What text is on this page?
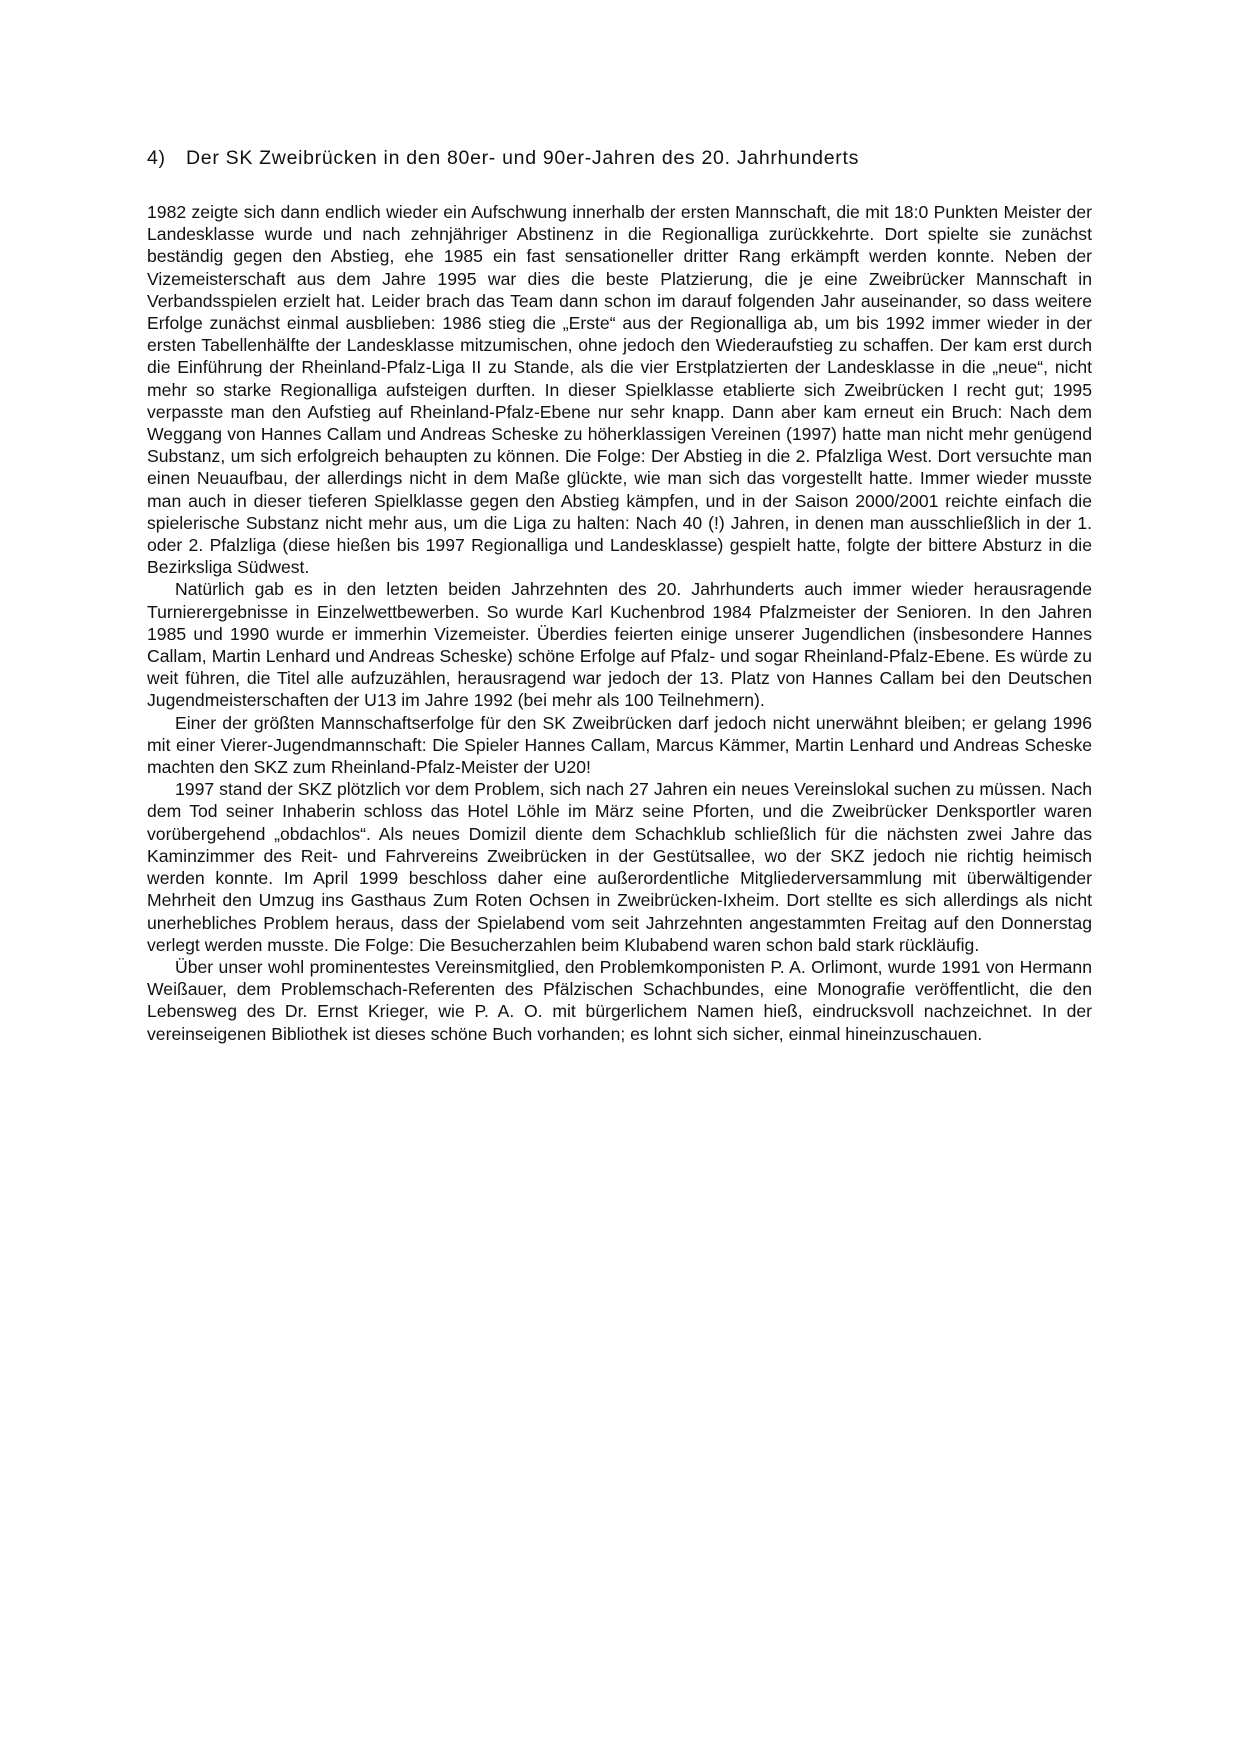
4)	Der SK Zweibrücken in den 80er- und 90er-Jahren des 20. Jahrhunderts

1982 zeigte sich dann endlich wieder ein Aufschwung innerhalb der ersten Mannschaft, die mit 18:0 Punkten Meister der Landesklasse wurde und nach zehnjähriger Abstinenz in die Regionalliga zurückkehrte. Dort spielte sie zunächst beständig gegen den Abstieg, ehe 1985 ein fast sensationeller dritter Rang erkämpft werden konnte. Neben der Vizemeisterschaft aus dem Jahre 1995 war dies die beste Platzierung, die je eine Zweibrücker Mannschaft in Verbandsspielen erzielt hat. Leider brach das Team dann schon im darauf folgenden Jahr auseinander, so dass weitere Erfolge zunächst einmal ausblieben: 1986 stieg die „Erste“ aus der Regionalliga ab, um bis 1992 immer wieder in der ersten Tabellenhälfte der Landesklasse mitzumischen, ohne jedoch den Wiederaufstieg zu schaffen. Der kam erst durch die Einführung der Rheinland-Pfalz-Liga II zu Stande, als die vier Erstplatzierten der Landesklasse in die „neue“, nicht mehr so starke Regionalliga aufsteigen durften. In dieser Spielklasse etablierte sich Zweibrücken I recht gut; 1995 verpasste man den Aufstieg auf Rheinland-Pfalz-Ebene nur sehr knapp. Dann aber kam erneut ein Bruch: Nach dem Weggang von Hannes Callam und Andreas Scheske zu höherklassigen Vereinen (1997) hatte man nicht mehr genügend Substanz, um sich erfolgreich behaupten zu können. Die Folge: Der Abstieg in die 2. Pfalzliga West. Dort versuchte man einen Neuaufbau, der allerdings nicht in dem Maße glückte, wie man sich das vorgestellt hatte. Immer wieder musste man auch in dieser tieferen Spielklasse gegen den Abstieg kämpfen, und in der Saison 2000/2001 reichte einfach die spielerische Substanz nicht mehr aus, um die Liga zu halten: Nach 40 (!) Jahren, in denen man ausschließlich in der 1. oder 2. Pfalzliga (diese hießen bis 1997 Regionalliga und Landesklasse) gespielt hatte, folgte der bittere Absturz in die Bezirksliga Südwest.

Natürlich gab es in den letzten beiden Jahrzehnten des 20. Jahrhunderts auch immer wieder herausragende Turnierergebnisse in Einzelwettbewerben. So wurde Karl Kuchenbrod 1984 Pfalzmeister der Senioren. In den Jahren 1985 und 1990 wurde er immerhin Vizemeister. Überdies feierten einige unserer Jugendlichen (insbesondere Hannes Callam, Martin Lenhard und Andreas Scheske) schöne Erfolge auf Pfalz- und sogar Rheinland-Pfalz-Ebene. Es würde zu weit führen, die Titel alle aufzuzählen, herausragend war jedoch der 13. Platz von Hannes Callam bei den Deutschen Jugendmeisterschaften der U13 im Jahre 1992 (bei mehr als 100 Teilnehmern).

Einer der größten Mannschaftserfolge für den SK Zweibrücken darf jedoch nicht unerwähnt bleiben; er gelang 1996 mit einer Vierer-Jugendmannschaft: Die Spieler Hannes Callam, Marcus Kämmer, Martin Lenhard und Andreas Scheske machten den SKZ zum Rheinland-Pfalz-Meister der U20!

1997 stand der SKZ plötzlich vor dem Problem, sich nach 27 Jahren ein neues Vereinslokal suchen zu müssen. Nach dem Tod seiner Inhaberin schloss das Hotel Löhle im März seine Pforten, und die Zweibrücker Denksportler waren vorübergehend „obdachlos“. Als neues Domizil diente dem Schachklub schließlich für die nächsten zwei Jahre das Kaminzimmer des Reit- und Fahrvereins Zweibrücken in der Gestütsallee, wo der SKZ jedoch nie richtig heimisch werden konnte. Im April 1999 beschloss daher eine außerordentliche Mitgliederversammlung mit überwältigender Mehrheit den Umzug ins Gasthaus Zum Roten Ochsen in Zweibrücken-Ixheim. Dort stellte es sich allerdings als nicht unerhebliches Problem heraus, dass der Spielabend vom seit Jahrzehnten angestammten Freitag auf den Donnerstag verlegt werden musste. Die Folge: Die Besucherzahlen beim Klubabend waren schon bald stark rückläufig.

Über unser wohl prominentestes Vereinsmitglied, den Problemkomponisten P. A. Orlimont, wurde 1991 von Hermann Weißauer, dem Problemschach-Referenten des Pfälzischen Schachbundes, eine Monografie veröffentlicht, die den Lebensweg des Dr. Ernst Krieger, wie P. A. O. mit bürgerlichem Namen hieß, eindrucksvoll nachzeichnet. In der vereinseigenen Bibliothek ist dieses schöne Buch vorhanden; es lohnt sich sicher, einmal hineinzuschauen.
